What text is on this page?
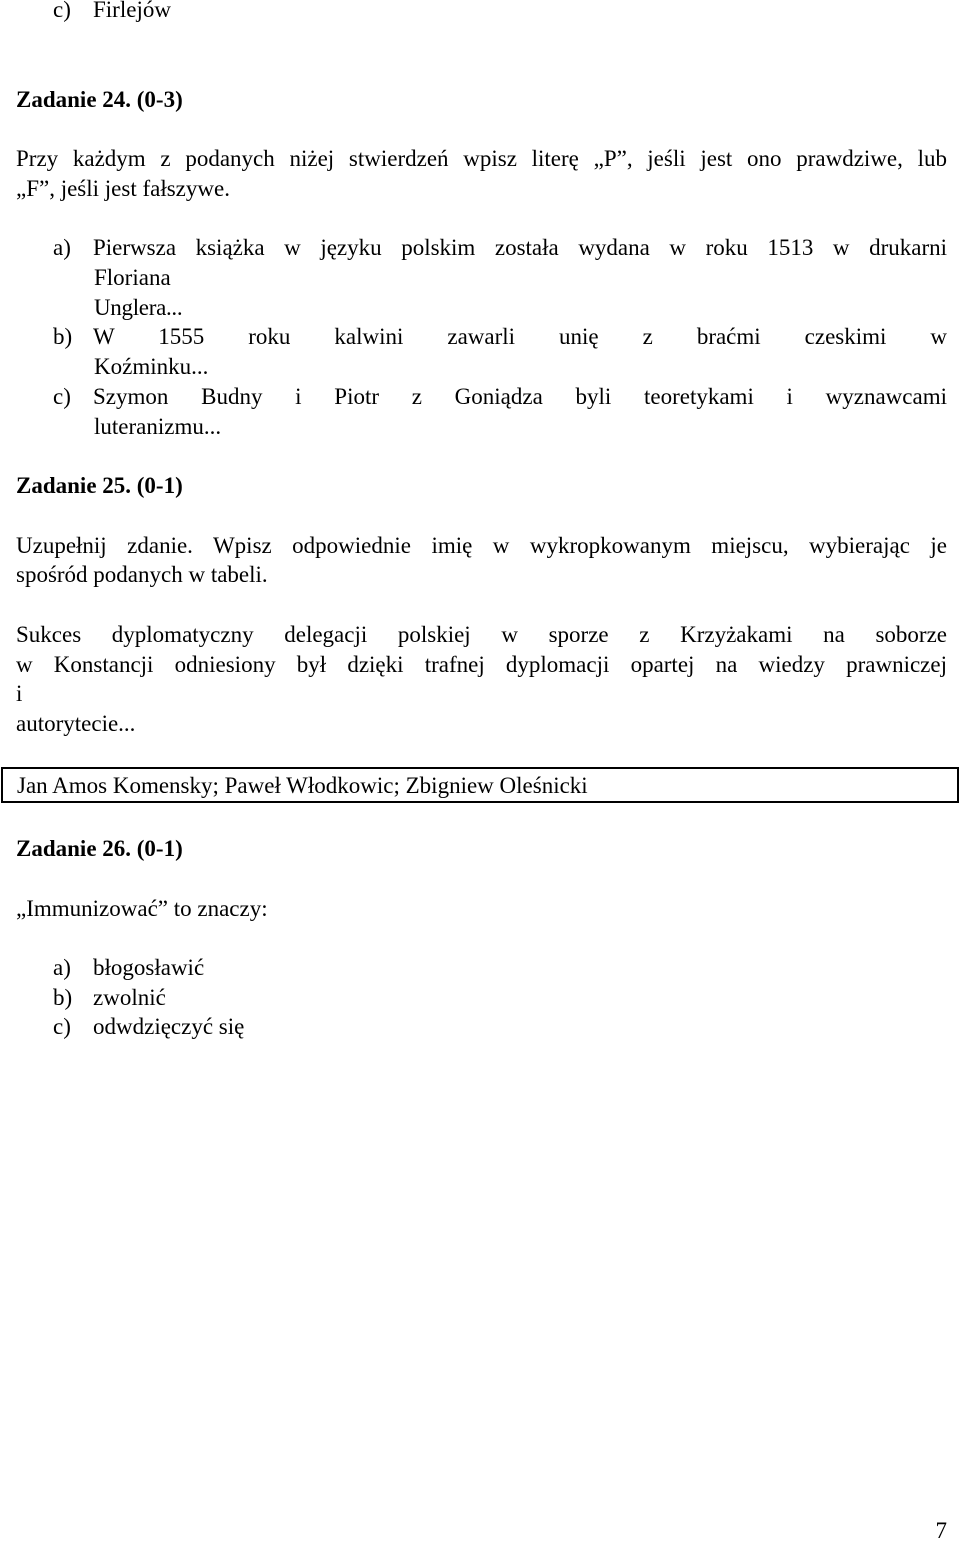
c) Firlejów
Zadanie 24. (0-3)
Przy każdym z podanych niżej stwierdzeń wpisz literę „P”, jeśli jest ono prawdziwe, lub
„F”, jeśli jest fałszywe.
a) Pierwsza książka w języku polskim została wydana w roku 1513 w drukarni
Floriana
Unglera...
b) W 1555 roku kalwini zawarli unię z braćmi czeskimi w
Koźminku...
c) Szymon Budny i Piotr z Goniądza byli teoretykami i wyznawcami
luteranizmu...
Zadanie 25. (0-1)
Uzupełnij zdanie. Wpisz odpowiednie imię w wykropkowanym miejscu, wybierając je
spośród podanych w tabeli.
Sukces dyplomatyczny delegacji polskiej w sporze z Krzyżakami na soborze
w Konstancji odniesiony był dzięki trafnej dyplomacji opartej na wiedzy prawniczej
i
autorytecie...
Jan Amos Komensky; Paweł Włodkowic; Zbigniew Oleśnicki
Zadanie 26. (0-1)
„Immunizować” to znaczy:
a) błogosławić
b) zwolnić
c) odwdzięczyć się
7
